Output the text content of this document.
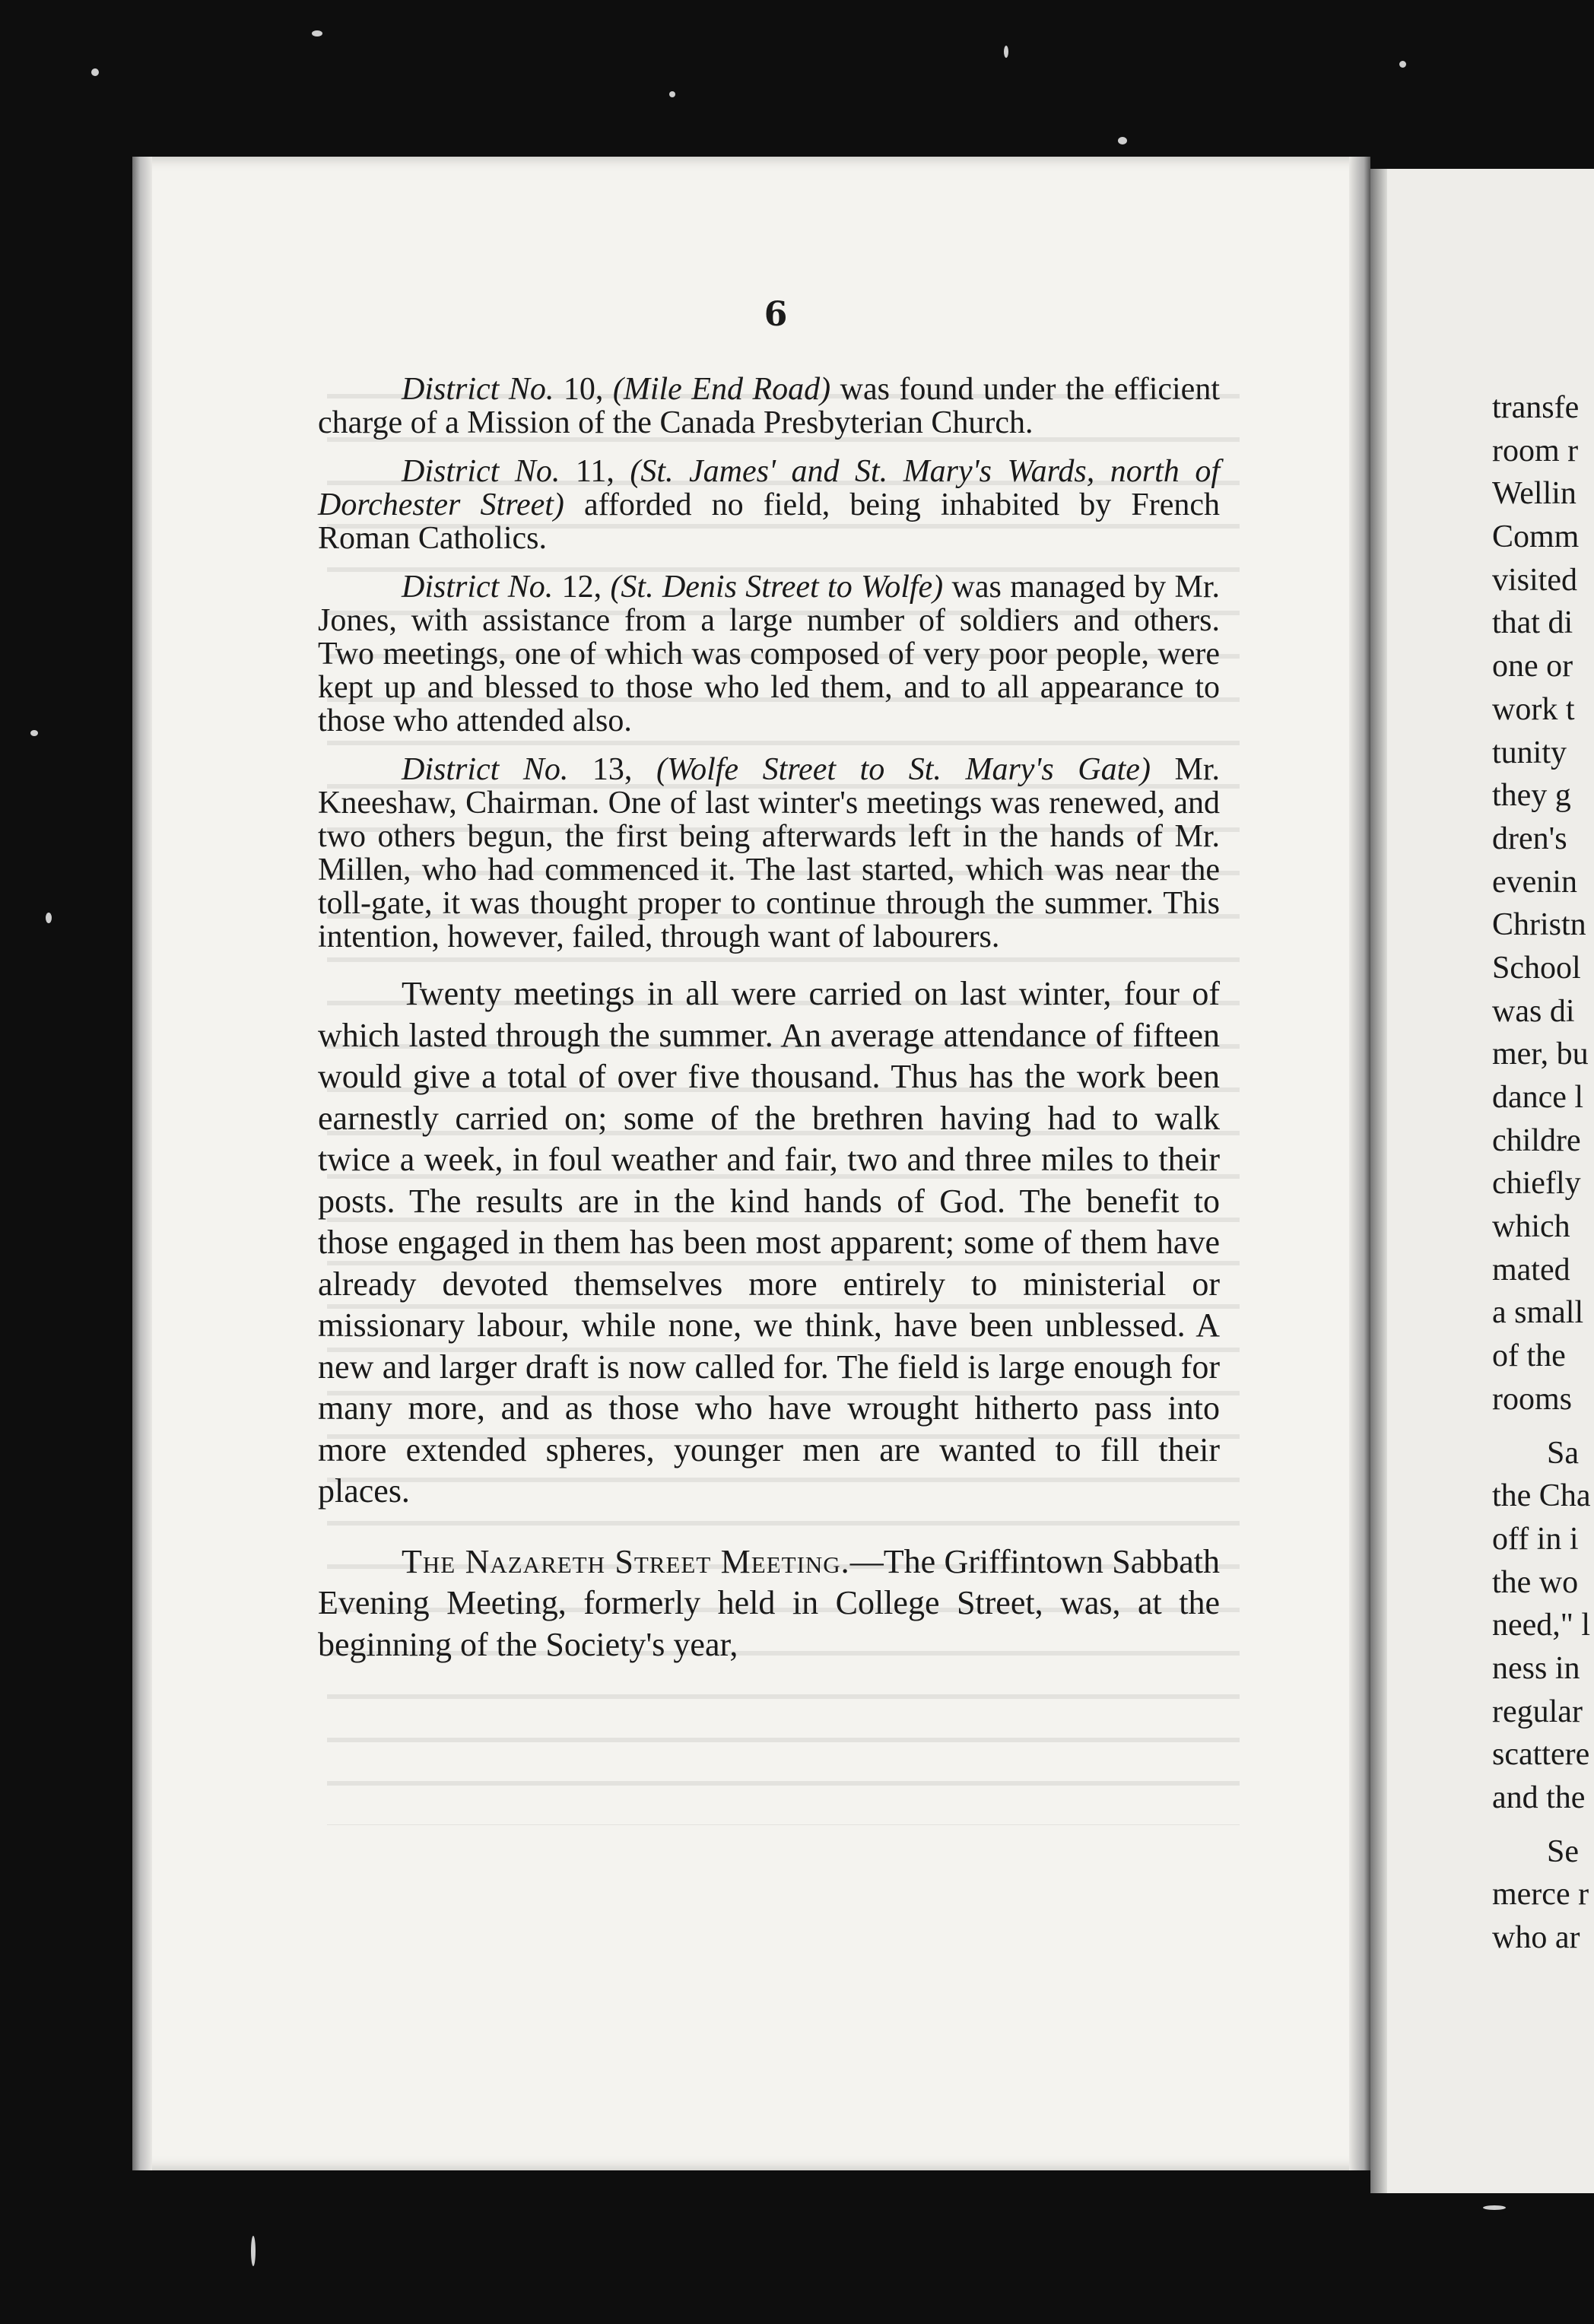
6

District No. 10, (Mile End Road) was found under the efficient charge of a Mission of the Canada Presbyterian Church.

District No. 11, (St. James' and St. Mary's Wards, north of Dorchester Street) afforded no field, being inhabited by French Roman Catholics.

District No. 12, (St. Denis Street to Wolfe) was managed by Mr. Jones, with assistance from a large number of soldiers and others. Two meetings, one of which was composed of very poor people, were kept up and blessed to those who led them, and to all appearance to those who attended also.

District No. 13, (Wolfe Street to St. Mary's Gate) Mr. Kneeshaw, Chairman. One of last winter's meetings was renewed, and two others begun, the first being afterwards left in the hands of Mr. Millen, who had commenced it. The last started, which was near the toll-gate, it was thought proper to continue through the summer. This intention, however, failed, through want of labourers.

Twenty meetings in all were carried on last winter, four of which lasted through the summer. An average attendance of fifteen would give a total of over five thousand. Thus has the work been earnestly carried on; some of the brethren having had to walk twice a week, in foul weather and fair, two and three miles to their posts. The results are in the kind hands of God. The benefit to those engaged in them has been most apparent; some of them have already devoted themselves more entirely to ministerial or missionary labour, while none, we think, have been unblessed. A new and larger draft is now called for. The field is large enough for many more, and as those who have wrought hitherto pass into more extended spheres, younger men are wanted to fill their places.

The Nazareth Street Meeting.—The Griffintown Sabbath Evening Meeting, formerly held in College Street, was, at the beginning of the Society's year,

transfe
room r
Wellin
Comm
visited
that di
one or
work t
tunity
they g
dren's
evenin
Christn
School
was di
mer, bu
dance l
childre
chiefly
which
mated
a small
of the
rooms
Sa
the Cha
off in i
the wo
need," l
ness in
regular
scattere
and the
Se
merce r
who ar
